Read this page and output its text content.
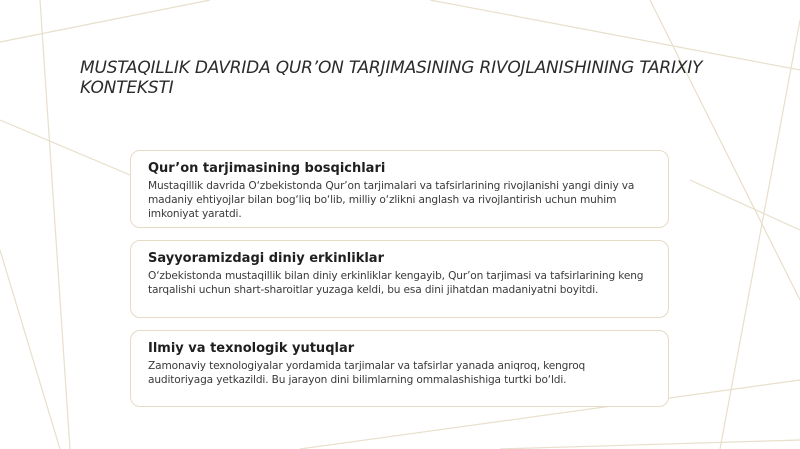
MUSTAQILLIK DAVRIDA QUR’ON TARJIMASINING RIVOJLANISHINING TARIXIY KONTEKSTI
Qur’on tarjimasining bosqichlari

Mustaqillik davrida O‘zbekistonda Qur’on tarjimalari va tafsirlarining rivojlanishi yangi diniy va madaniy ehtiyojlar bilan bog‘liq bo‘lib, milliy o‘zlikni anglash va rivojlantirish uchun muhim imkoniyat yaratdi.

Sayyoramizdagi diniy erkinliklar

O‘zbekistonda mustaqillik bilan diniy erkinliklar kengayib, Qur’on tarjimasi va tafsirlarining keng tarqalishi uchun shart-sharoitlar yuzaga keldi, bu esa dini jihatdan madaniyatni boyitdi.

Ilmiy va texnologik yutuqlar

Zamonaviy texnologiyalar yordamida tarjimalar va tafsirlar yanada aniqroq, kengroq auditoriyaga yetkazildi. Bu jarayon dini bilimlarning ommalashishiga turtki bo‘ldi.
